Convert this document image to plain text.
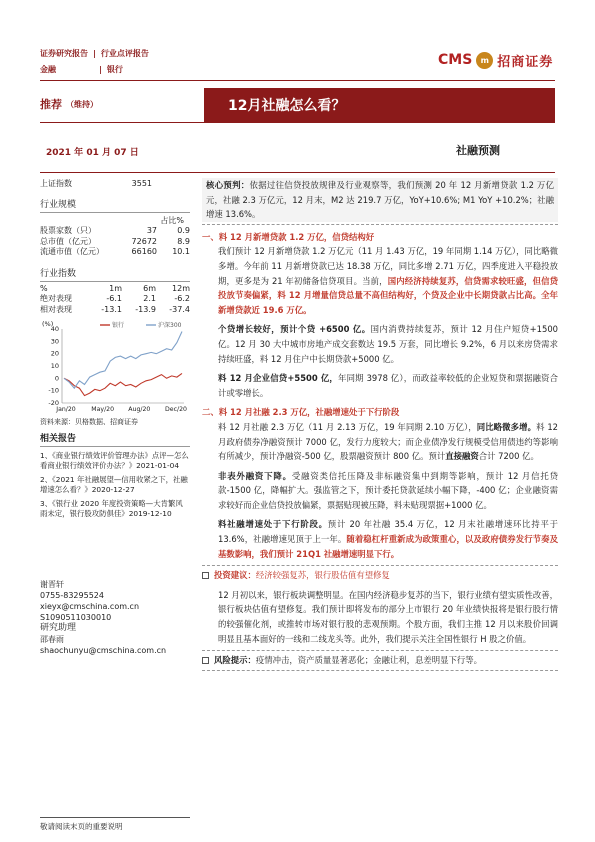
证券研究报告 | 行业点评报告
金融	| 银行
CMS	m 招商证券
推荐 （维持）	12月社融怎么看？
2021 年 01 月 07 日	社融预测
上证指数	3551
行业规模
占比%
股票家数（只）	37	0.9
总市值（亿元）	72672	8.9
流通市值（亿元）	66160	10.1
行业指数
%	1m	6m	12m
绝对表现	-6.1	2.1	-6.2
相对表现	-13.1	-13.9	-37.4
(%)
40
30
20
10
0
-10
-20
Jan/20	May/20 Aug/20 Dec/20
银行	沪深300
资料来源：贝格数据、招商证券
相关报告
1、《商业银行绩效评价管理办法》点评—怎么看商业银行绩效评价办法？》2021-01-04
2、《2021 年社融展望—信用收紧之下，社融增速怎么看？》2020-12-27
3、《银行业 2020 年度投资策略—大肯繁风雨未定，银行股攻防俱佳》2019-12-10
谢晋轩
0755-83295524
xieyx@cmschina.com.cn
S1090511030010
研究助理
邵春雨
shaochunyu@cmschina.com.cn

核心预判：依据过往信贷投放规律及行业观察等，我们预测 20 年 12 月新增贷款 1.2 万亿元，社融 2.3 万亿元，12 月末，M2 达 219.7 万亿，YoY+10.6%; M1 YoY +10.2%；社融增速 13.6%。

一、料 12 月新增贷款 1.2 万亿，信贷结构好

我们预计 12 月新增贷款 1.2 万亿元（11 月 1.43 万亿，19 年同期 1.14 万亿），同比略微多增。今年前 11 月新增贷款已达 18.38 万亿，同比多增 2.71 万亿，四季度进入平稳投放期，更多是为 21 年初储备信贷项目。当前，国内经济持续复苏，信贷需求较旺盛，但信贷投放节奏偏紧，料 12 月增量信贷总量不高但结构好，个贷及企业中长期贷款占比高。全年新增贷款近 19.6 万亿。

个贷增长较好，预计个贷 +6500 亿。国内消费持续复苏，预计 12 月住户短贷+1500 亿。12 月 30 大中城市房地产成交套数达 19.5 万套，同比增长 9.2%，6 月以来房贷需求持续旺盛，料 12 月住户中长期贷款+5000 亿。

料 12 月企业信贷+5500 亿，年同期 3978 亿），而政益率较低的企业短贷和票据融资合计或零增长。

二、料 12 月社融 2.3 万亿，社融增速处于下行阶段

料 12 月社融 2.3 万亿（11 月 2.13 万亿，19 年同期 2.10 万亿），同比略微多增。料 12 月政府债券净融资预计 7000 亿，发行力度较大；而企业债净发行规模受信用债违约等影响有所减少，预计净融资-500 亿，股票融资预计 800 亿。预计直接融资合计 7200 亿。

非表外融资下降。受融资类信托压降及非标融资集中到期等影响，预计 12 月信托贷款-1500 亿，降幅扩大。强监管之下，预计委托贷款延续小幅下降，-400 亿；企业融资需求较好而企业信贷投放偏紧，票据贴现被压降，料未贴现票据+1000 亿。

料社融增速处于下行阶段。预计 20 年社融 35.4 万亿，12 月末社融增速环比持平于 13.6%，社融增速见顶于上一年。随着稳杠杆重新成为政策重心，以及政府债券发行节奏及基数影响，我们预计 21Q1 社融增速明显下行。

投资建议：经济较强复苏，银行股估值有望修复

12 月初以来，银行板块调整明显。在国内经济稳步复苏的当下，银行业绩有望实质性改善，银行板块估值有望修复。我们预计即将发布的部分上市银行 20 年业绩快报将是银行股行情的较强催化剂，或推转市场对银行股的悲观预期。个股方面，我们主推 12 月以来股价回调明显且基本面好的一线和二线龙头等。此外，我们提示关注全国性银行 H 股之价值。

风险提示：疫情冲击，资产质量显著恶化；金融让利，息差明显下行等。

敬请阅读末页的重要说明
